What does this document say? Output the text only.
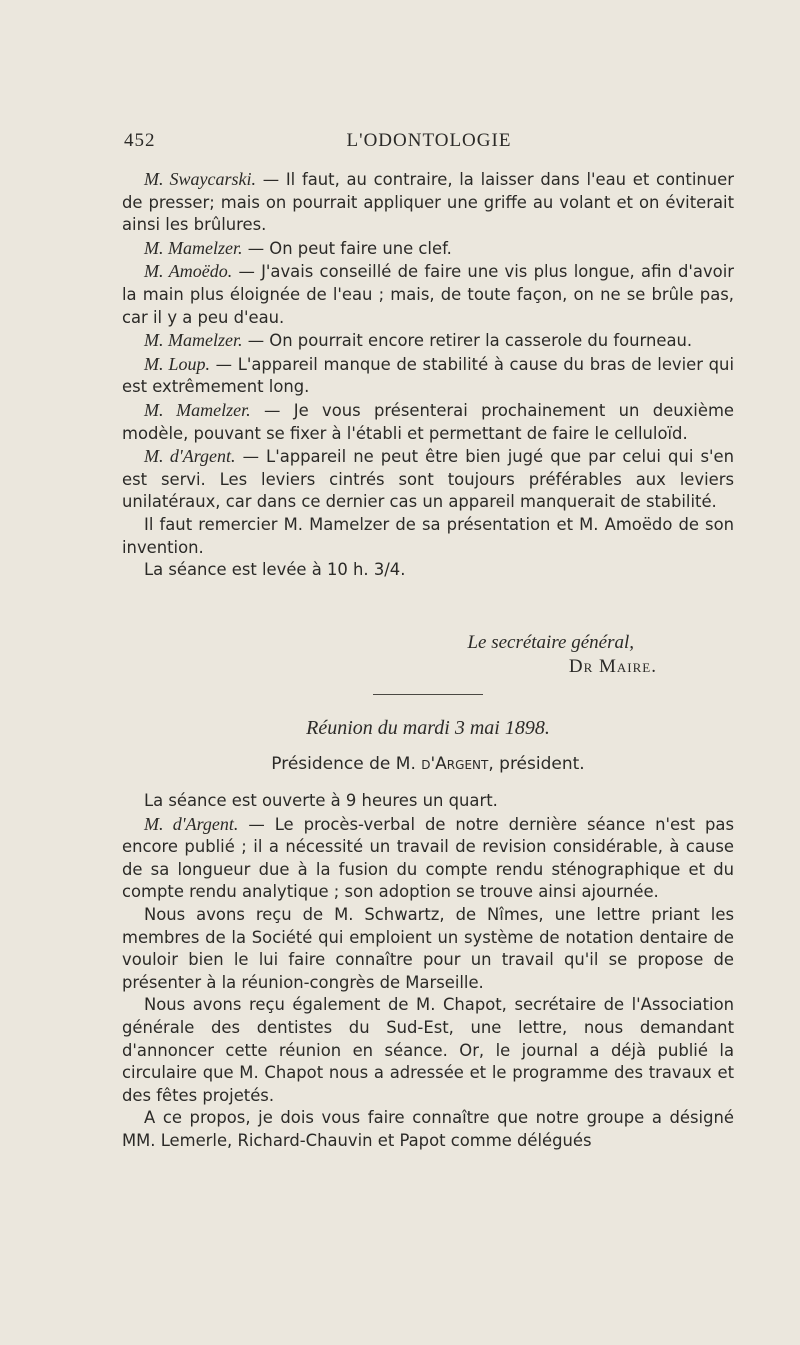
452	L'ODONTOLOGIE

M. Swaycarski. — Il faut, au contraire, la laisser dans l'eau et continuer de presser; mais on pourrait appliquer une griffe au volant et on éviterait ainsi les brûlures.

M. Mamelzer. — On peut faire une clef.

M. Amoëdo. — J'avais conseillé de faire une vis plus longue, afin d'avoir la main plus éloignée de l'eau ; mais, de toute façon, on ne se brûle pas, car il y a peu d'eau.

M. Mamelzer. — On pourrait encore retirer la casserole du fourneau.

M. Loup. — L'appareil manque de stabilité à cause du bras de levier qui est extrêmement long.

M. Mamelzer. — Je vous présenterai prochainement un deuxième modèle, pouvant se fixer à l'établi et permettant de faire le celluloïd.

M. d'Argent. — L'appareil ne peut être bien jugé que par celui qui s'en est servi. Les leviers cintrés sont toujours préférables aux leviers unilatéraux, car dans ce dernier cas un appareil manquerait de stabilité.

Il faut remercier M. Mamelzer de sa présentation et M. Amoëdo de son invention.

La séance est levée à 10 h. 3/4.

Le secrétaire général,
Dr Maire.
Réunion du mardi 3 mai 1898.
Présidence de M. d'Argent, président.

La séance est ouverte à 9 heures un quart.

M. d'Argent. — Le procès-verbal de notre dernière séance n'est pas encore publié ; il a nécessité un travail de revision considérable, à cause de sa longueur due à la fusion du compte rendu sténographique et du compte rendu analytique ; son adoption se trouve ainsi ajournée.

Nous avons reçu de M. Schwartz, de Nîmes, une lettre priant les membres de la Société qui emploient un système de notation dentaire de vouloir bien le lui faire connaître pour un travail qu'il se propose de présenter à la réunion-congrès de Marseille.

Nous avons reçu également de M. Chapot, secrétaire de l'Association générale des dentistes du Sud-Est, une lettre, nous demandant d'annoncer cette réunion en séance. Or, le journal a déjà publié la circulaire que M. Chapot nous a adressée et le programme des travaux et des fêtes projetés.

A ce propos, je dois vous faire connaître que notre groupe a désigné MM. Lemerle, Richard-Chauvin et Papot comme délégués
